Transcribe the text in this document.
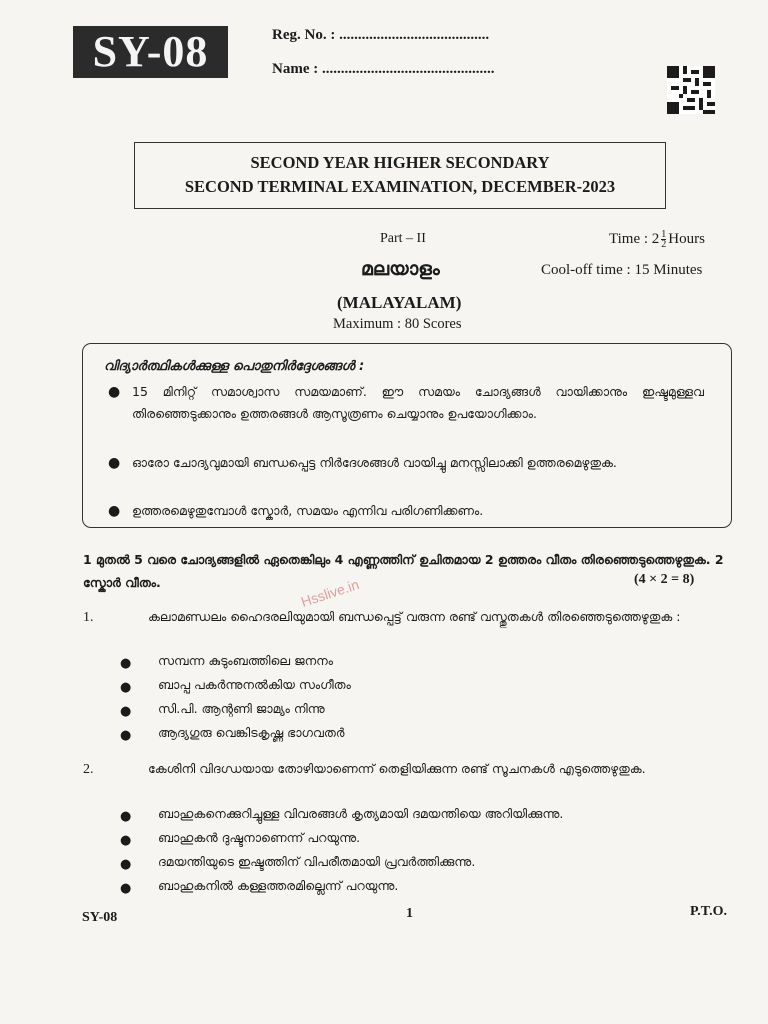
SY-08	Reg. No. : ........................................
Name : ..............................................
SECOND YEAR HIGHER SECONDARY
SECOND TERMINAL EXAMINATION, DECEMBER-2023
Part – II	Time : $2 \frac{1}{2}$ Hours
മലയാളം	Cool-off time : 15 Minutes
(MALAYALAM)
Maximum : 80 Scores
വിദ്യാർത്ഥികൾക്കുള്ള പൊതുനിർദ്ദേശങ്ങൾ :
● 15 മിനിറ്റ് സമാശ്വാസ സമയമാണ്. ഈ സമയം ചോദ്യങ്ങൾ വായിക്കാനും ഇഷ്ടമുള്ളവ തിരഞ്ഞെടുക്കാനും ഉത്തരങ്ങൾ ആസൂത്രണം ചെയ്യാനും ഉപയോഗിക്കാം.
● ഓരോ ചോദ്യവുമായി ബന്ധപ്പെട്ട നിർദേശങ്ങൾ വായിച്ചു മനസ്സിലാക്കി ഉത്തരമെഴുതുക.
● ഉത്തരമെഴുതുമ്പോൾ സ്കോർ, സമയം എന്നിവ പരിഗണിക്കണം.
1 മുതൽ 5 വരെ ചോദ്യങ്ങളിൽ ഏതെങ്കിലും 4 എണ്ണത്തിന് ഉചിതമായ 2 ഉത്തരം വീതം തിരഞ്ഞെടുത്തെഴുതുക. 2 സ്കോർ വീതം.	(4 × 2 = 8)
Hsslive.in
1.	കലാമണ്ഡലം ഹൈദരലിയുമായി ബന്ധപ്പെട്ട് വരുന്ന രണ്ട് വസ്തുതകൾ തിരഞ്ഞെടുത്തെഴുതുക :
● സമ്പന്ന കുടുംബത്തിലെ ജനനം
● ബാപ്പ പകർന്നുനൽകിയ സംഗീതം
● സി.പി. ആന്റണി ജാമ്യം നിന്നു
● ആദ്യഗുരു വെങ്കിടകൃഷ്ണ ഭാഗവതർ
2.	കേശിനി വിദഗ്ധയായ തോഴിയാണെന്ന് തെളിയിക്കുന്ന രണ്ട് സൂചനകൾ എടുത്തെഴുതുക.
● ബാഹുകനെക്കുറിച്ചുള്ള വിവരങ്ങൾ കൃത്യമായി ദമയന്തിയെ അറിയിക്കുന്നു.
● ബാഹുകൻ ദുഷ്ടനാണെന്ന് പറയുന്നു.
● ദമയന്തിയുടെ ഇഷ്ടത്തിന് വിപരീതമായി പ്രവർത്തിക്കുന്നു.
● ബാഹുകനിൽ കള്ളത്തരമില്ലെന്ന് പറയുന്നു.
SY-08	1	P.T.O.
